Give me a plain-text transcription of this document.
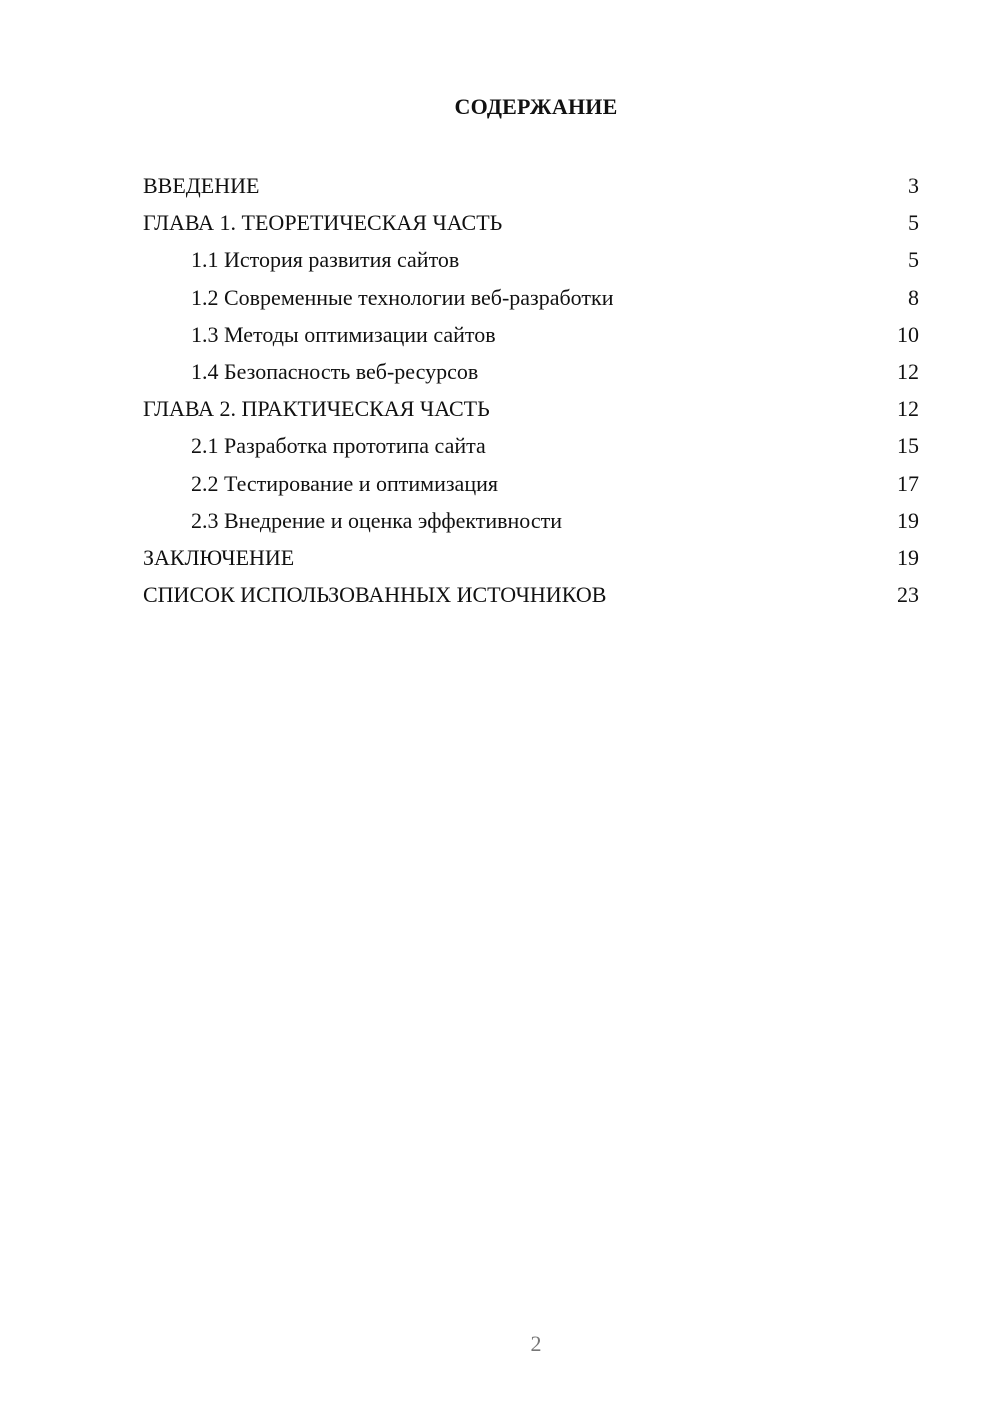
СОДЕРЖАНИЕ
ВВЕДЕНИЕ	3
ГЛАВА 1. ТЕОРЕТИЧЕСКАЯ ЧАСТЬ	5
1.1 История развития сайтов	5
1.2 Современные технологии веб-разработки	8
1.3 Методы оптимизации сайтов	10
1.4 Безопасность веб-ресурсов	12
ГЛАВА 2. ПРАКТИЧЕСКАЯ ЧАСТЬ	12
2.1 Разработка прототипа сайта	15
2.2 Тестирование и оптимизация	17
2.3 Внедрение и оценка эффективности	19
ЗАКЛЮЧЕНИЕ	19
СПИСОК ИСПОЛЬЗОВАННЫХ ИСТОЧНИКОВ	23
2
